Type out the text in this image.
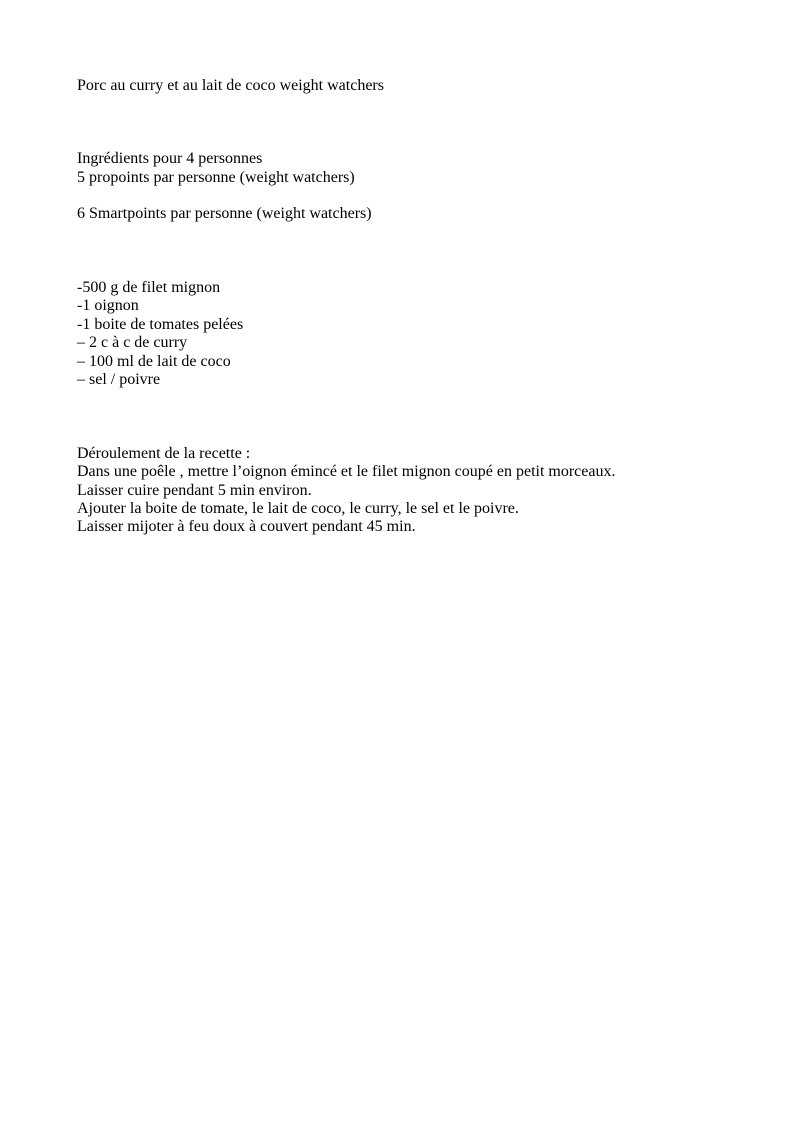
Porc au curry et au lait de coco weight watchers
Ingrédients pour 4 personnes
5 propoints par personne (weight watchers)
6 Smartpoints par personne (weight watchers)
-500 g de filet mignon
-1 oignon
-1 boite de tomates pelées
– 2 c à c de curry
– 100 ml de lait de coco
– sel / poivre
Déroulement de la recette :
Dans une poêle , mettre l’oignon émincé et le filet mignon coupé en petit morceaux.
Laisser cuire pendant 5 min environ.
Ajouter la boite de tomate, le lait de coco, le curry, le sel et le poivre.
Laisser mijoter à feu doux à couvert pendant 45 min.
